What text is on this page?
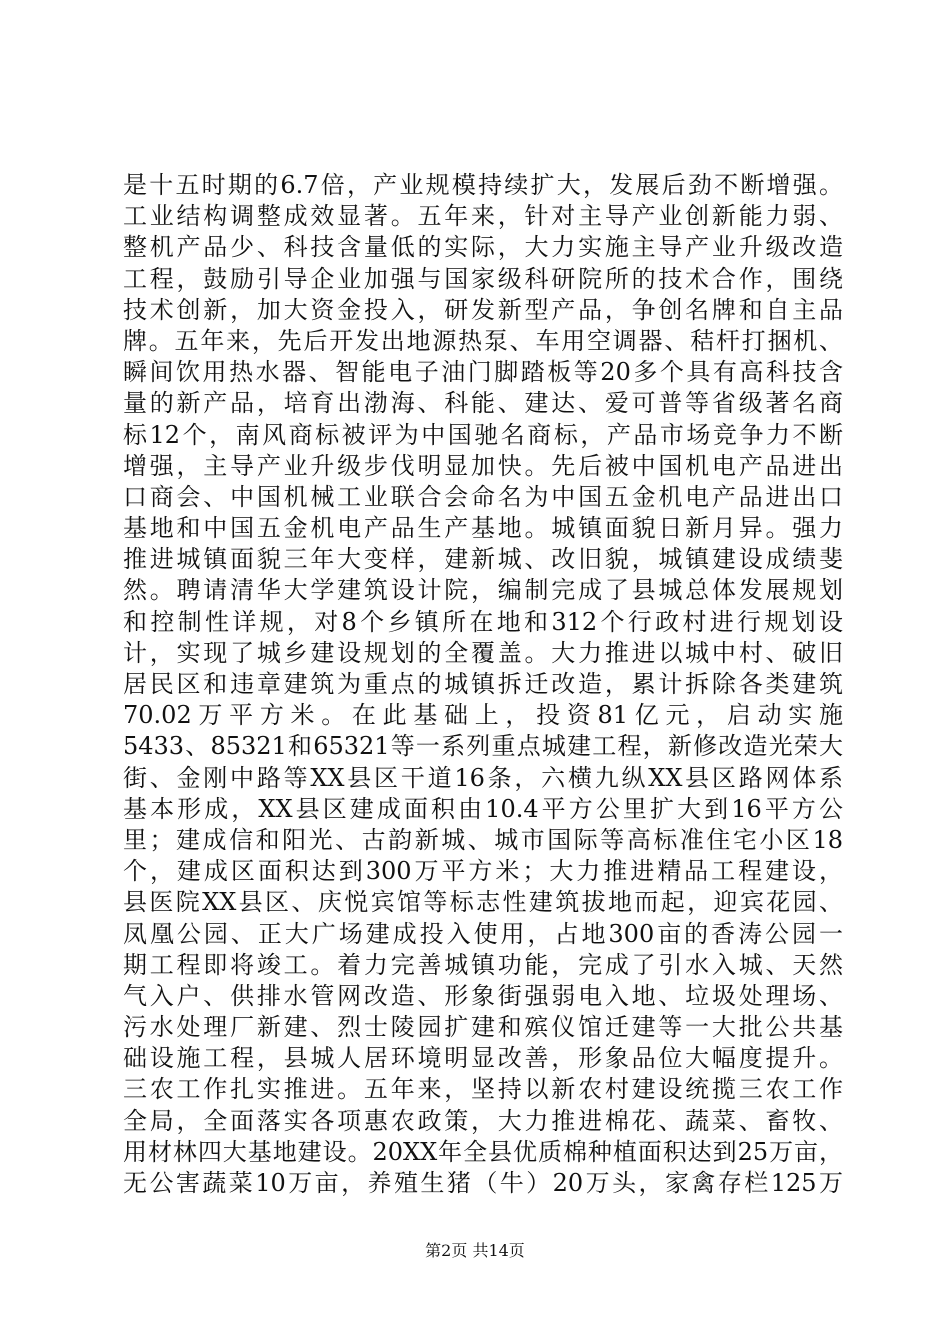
是十五时期的6.7倍，产业规模持续扩大，发展后劲不断增强。
工业结构调整成效显著。五年来，针对主导产业创新能力弱、
整机产品少、科技含量低的实际，大力实施主导产业升级改造
工程，鼓励引导企业加强与国家级科研院所的技术合作，围绕
技术创新，加大资金投入，研发新型产品，争创名牌和自主品
牌。五年来，先后开发出地源热泵、车用空调器、秸杆打捆机、
瞬间饮用热水器、智能电子油门脚踏板等20多个具有高科技含
量的新产品，培育出渤海、科能、建达、爱可普等省级著名商
标12个，南风商标被评为中国驰名商标，产品市场竞争力不断
增强，主导产业升级步伐明显加快。先后被中国机电产品进出
口商会、中国机械工业联合会命名为中国五金机电产品进出口
基地和中国五金机电产品生产基地。城镇面貌日新月异。强力
推进城镇面貌三年大变样，建新城、改旧貌，城镇建设成绩斐
然。聘请清华大学建筑设计院，编制完成了县城总体发展规划
和控制性详规，对8个乡镇所在地和312个行政村进行规划设
计，实现了城乡建设规划的全覆盖。大力推进以城中村、破旧
居民区和违章建筑为重点的城镇拆迁改造，累计拆除各类建筑
70.02万平方米。在此基础上，投资81亿元，启动实施
5433、85321和65321等一系列重点城建工程，新修改造光荣大
街、金刚中路等XX县区干道16条，六横九纵XX县区路网体系
基本形成，XX县区建成面积由10.4平方公里扩大到16平方公
里；建成信和阳光、古韵新城、城市国际等高标准住宅小区18
个，建成区面积达到300万平方米；大力推进精品工程建设，
县医院XX县区、庆悦宾馆等标志性建筑拔地而起，迎宾花园、
凤凰公园、正大广场建成投入使用，占地300亩的香涛公园一
期工程即将竣工。着力完善城镇功能，完成了引水入城、天然
气入户、供排水管网改造、形象街强弱电入地、垃圾处理场、
污水处理厂新建、烈士陵园扩建和殡仪馆迁建等一大批公共基
础设施工程，县城人居环境明显改善，形象品位大幅度提升。
三农工作扎实推进。五年来，坚持以新农村建设统揽三农工作
全局，全面落实各项惠农政策，大力推进棉花、蔬菜、畜牧、
用材林四大基地建设。20XX年全县优质棉种植面积达到25万亩，
无公害蔬菜10万亩，养殖生猪（牛）20万头，家禽存栏125万
第2页 共14页
